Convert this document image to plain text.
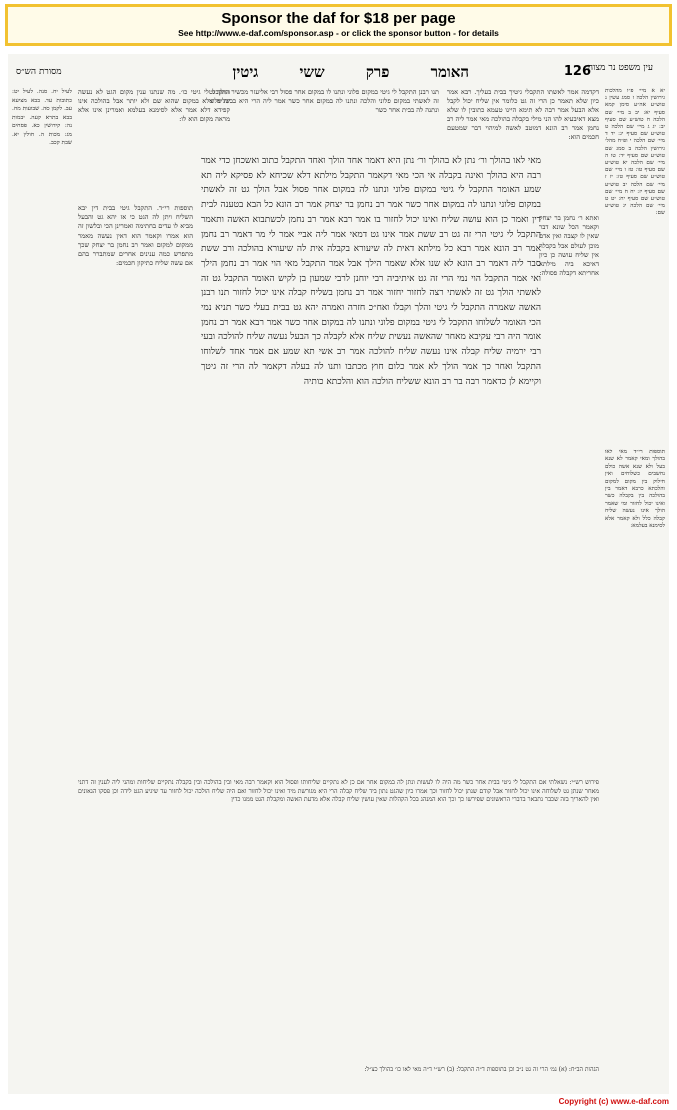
Sponsor the daf for $18 per page
See http://www.e-daf.com/sponsor.asp - or click the sponsor button - for details
עין משפט נר מצוה
126
האומר פרק ששי גיטין
מסורת הש״ס

יא א מיי׳ פ״ו מהלכות גירושין הלכה ז סמג עשין נ טוש״ע אה״ע סימן קמא סעיף יא: יב ב מיי׳ שם הלכה ח טוש״ע שם סעיף יב: יג ג מיי׳ שם הלכה ט טוש״ע שם סעיף יג: יד ד מיי׳ שם הלכה י ופ״ח מהל׳ גירושין הלכה ב סמג שם טוש״ע שם סעיף יד: טו ה מיי׳ שם הלכה יא טוש״ע שם סעיף טו: טז ו מיי׳ שם טוש״ע שם סעיף טז: יז ז מיי׳ שם הלכה יב טוש״ע שם סעיף יז: יח ח מיי׳ שם טוש״ע שם סעיף יח: יט ט מיי׳ שם הלכה יג טוש״ע שם:

דקדמה אמר לאשתו התקבלי גיטיך בבית בעליך. רבא אמר כיון שלא תאמר כן הרי זה גט כלומר אין שליח יכול לקבל אלא הבעל אמר רבה לא תימא היינו טעמא כתובין לו שלא מצא דאיבעיא להו הני מילי בקבלה בהולכה מאי אמר ליה רב נחמן אמר רב הונא דמוטב לאשה למיהוי דבר שמטעם חכמים הוא:

תנו רבנן התקבל לי גיטי במקום פלוני ונתנו לו במקום אחר פסול רבי אליעזר מכשיר הולך גט זה לאשתי במקום פלוני והלכה ונתנו לה במקום אחר כשר אמר ליה הרי היא בבית פלוני ונתנה לה בבית אחר כשר

התקבל לי גיטי כו׳. מה שנתנו ענין מקום הגט לא נעשה שליח אלא במקום שהוא שם ולא יותר אבל בהולכה אינו קפידא דלא אמר אלא לסימנא בעלמא ואמרינן אינו אלא מראה מקום הוא לו:

מאי לאו בהולך ור׳ נתן לא בהולך ור׳ נתן היא דאמר אחד הולך ואחד התקבל כתוב ואשכחן כדי אמר רבה היא בהולך ואינה בקבלה אי הכי מאי דקאמר התקבל מילתא דלא שכיחא לא פסיקא ליה תא שמע האומר התקבל לי גיטי במקום פלוני ונתנו לה במקום אחר פסול אבל הולך גט זה לאשתי במקום פלוני ונתנו לה במקום אחר כשר אמר רב נחמן בר יצחק אמר רב הונא כל הבא בטענה לבית דין ואמר כן הוא עושה שליח ואינו יכול לחזור בו אמר רבא אמר רב נחמן לכשתבוא האשה ותאמר התקבל לי גיטי הרי זה גט רב ששת אמר אינו גט דמאי אמר ליה אביי אמר לי מר דאמר רב נחמן אמר רב הונא אמר רבא כל מילתא דאית לה שיעורא בקבלה אית לה שיעורא בהולכה ורב ששת סבר ליה דאמר רב הונא לא שנו אלא שאמר הילך אבל אמר התקבל מאי הוי אמר רב נחמן הילך ואי אמר התקבל הוי נמי הרי זה גט איתיביה רבי יוחנן לרבי שמעון בן לקיש האומר התקבל גט זה לאשתי הולך גט זה לאשתי רצה לחזור יחזור אמר רב נחמן בשליח קבלה אינו יכול לחזור תנו רבנן האשה שאמרה התקבל לי גיטי והלך וקבלו ואח״כ חזרה ואמרה יהא גט בבית בעלי כשר תניא נמי הכי האומר לשלוחו התקבל לי גיטי במקום פלוני ונתנו לה במקום אחר כשר אמר רבא אמר רב נחמן אומר היה רבי עקיבא מאחר שהאשה נעשית שליח אלא לקבלה כך הבעל נעשה שליח להולכה ובעי רבי ירמיה שליח קבלה אינו נעשה שליח להולכה אמר רב אשי תא שמע אם אמר אחד לשלוחו התקבל ואחר כך אמר הולך לא אמר כלום חוץ מכתבו ותנו לה בעלה דקאמר לה הרי זה גיטך וקיימא לן כדאמר רבה בר רב הונא ששליח הולכה הוא והלכתא כותיה

ואתא ר׳ נחמן בר יצחק וקאמר הכל שונא דבר שאין לו קצבה ואין אדם מוכן לעולם אבל בקבלה אין שליח עושה כן כיון דאיכא ביה מילתא אחריתא דקבלה פסולה:

תוספות רי״ד. התקבל גיטי בבית דין יבא השליח ויתן לה הגט כי אז יהא גט והבעל מביא לו עדים בחתימה ואמרינן הכי ובלשון זה הוא אמרו וקאמר הוא דאין נעשה מאמר ממקום למקום ואמר רב נחמן בר יצחק שכך מתפרש כמה ענינים אחרים שמתברר בהם אם עשה שליח כתיקון חכמים:

לעיל יח. סנה. לעיל יט: כתובות עד. בבא מציעא עב. לקמן סה. שבועות מח. בבא בתרא קעה. יבמות נה: קידושין כא. פסחים מג: מכות ה. חולין יא. שבת קכב.

תוספות רי״ד מאי לאו בהולך ומאי קאמר לא שנא בעל ולא שנא אשה כולם נחשבים כשלוחים ואין חילוק בין מקום למקום והלכתא כרבא דאמר בין בהולכה בין בקבלה כשר ואינו יכול לחזור ומי שאמר הולך אינו נעשה שליח קבלה כלל ולא קאמר אלא לסימנא בעלמא:

פירוש רש״י: נשאלתי אם התקבל לי גיטי בבית אחר כשר מה היה לו לעשות ונתן לה במקום אחר אם כן לא נתקיים שליחותו ופסול הוא וקאמר רבה מאי ובין בהולכה ובין בקבלה נתקיים שליחות ומהני ליה לענין זה דתני מאחר שנתן גט לשלוחה אינו יכול לחזור אבל קודם שנתן יכול לחזור וכך אמרו כיון שהגט נתון ביד שליח קבלה הרי היא מגורשת מיד ואינו יכול לחזור ואם היה שליח הולכה יכול לחזור עד שיגיע הגט לידה וכן פסקו הגאונים ואין להאריך בזה שכבר נתבאר בדברי הראשונים שפירשו כך וכך הוא המנהג בכל הקהלות שאין עושין שליח קבלה אלא מדעת האשה ומקבלת הגט ממנו כדין

הגהות הב״ח: (א) גמ׳ הרי זה גט נ״ב וכן בתוספות ד״ה התקבל: (ב) רש״י ד״ה מאי לאו כו׳ בהולך כצ״ל:

Copyright (c) www.e-daf.com
